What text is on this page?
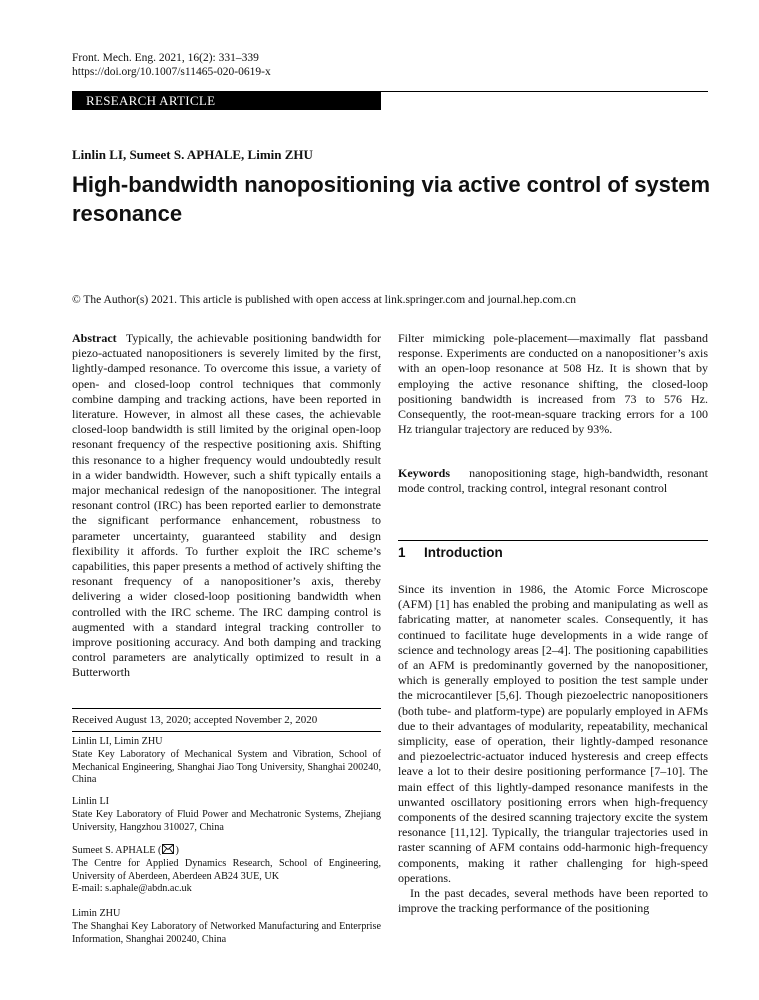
Front. Mech. Eng. 2021, 16(2): 331–339
https://doi.org/10.1007/s11465-020-0619-x
RESEARCH ARTICLE
Linlin LI, Sumeet S. APHALE, Limin ZHU
High-bandwidth nanopositioning via active control of system resonance
© The Author(s) 2021. This article is published with open access at link.springer.com and journal.hep.com.cn

Abstract Typically, the achievable positioning bandwidth for piezo-actuated nanopositioners is severely limited by the first, lightly-damped resonance. To overcome this issue, a variety of open- and closed-loop control techniques that commonly combine damping and tracking actions, have been reported in literature. However, in almost all these cases, the achievable closed-loop bandwidth is still limited by the original open-loop resonant frequency of the respective positioning axis. Shifting this resonance to a higher frequency would undoubtedly result in a wider bandwidth. However, such a shift typically entails a major mechanical redesign of the nanopositioner. The integral resonant control (IRC) has been reported earlier to demonstrate the significant performance enhancement, robustness to parameter uncertainty, guaranteed stability and design flexibility it affords. To further exploit the IRC scheme’s capabilities, this paper presents a method of actively shifting the resonant frequency of a nanopositioner’s axis, thereby delivering a wider closed-loop positioning bandwidth when controlled with the IRC scheme. The IRC damping control is augmented with a standard integral tracking controller to improve positioning accuracy. And both damping and tracking control parameters are analytically optimized to result in a Butterworth

Filter mimicking pole-placement—maximally flat passband response. Experiments are conducted on a nanopositioner’s axis with an open-loop resonance at 508 Hz. It is shown that by employing the active resonance shifting, the closed-loop positioning bandwidth is increased from 73 to 576 Hz. Consequently, the root-mean-square tracking errors for a 100 Hz triangular trajectory are reduced by 93%.

Keywords nanopositioning stage, high-bandwidth, resonant mode control, tracking control, integral resonant control

Received August 13, 2020; accepted November 2, 2020

Linlin LI, Limin ZHU

State Key Laboratory of Mechanical System and Vibration, School of Mechanical Engineering, Shanghai Jiao Tong University, Shanghai 200240, China

Linlin LI

State Key Laboratory of Fluid Power and Mechatronic Systems, Zhejiang University, Hangzhou 310027, China

Sumeet S. APHALE ( )

The Centre for Applied Dynamics Research, School of Engineering, University of Aberdeen, Aberdeen AB24 3UE, UK

E-mail: s.aphale@abdn.ac.uk

Limin ZHU

The Shanghai Key Laboratory of Networked Manufacturing and Enterprise Information, Shanghai 200240, China

1 Introduction

Since its invention in 1986, the Atomic Force Microscope (AFM) [1] has enabled the probing and manipulating as well as fabricating matter, at nanometer scales. Consequently, it has continued to facilitate huge developments in a wide range of science and technology areas [2–4]. The positioning capabilities of an AFM is predominantly governed by the nanopositioner, which is generally employed to position the test sample under the microcantilever [5,6]. Though piezoelectric nanopositioners (both tube- and platform-type) are popularly employed in AFMs due to their advantages of modularity, repeatability, mechanical simplicity, ease of operation, their lightly-damped resonance and piezoelectric-actuator induced hysteresis and creep effects leave a lot to their desire positioning performance [7–10]. The main effect of this lightly-damped resonance manifests in the unwanted oscillatory positioning errors when high-frequency components of the desired scanning trajectory excite the system resonance [11,12]. Typically, the triangular trajectories used in raster scanning of AFM contains odd-harmonic high-frequency components, making it rather challenging for high-speed operations.

In the past decades, several methods have been reported to improve the tracking performance of the positioning
